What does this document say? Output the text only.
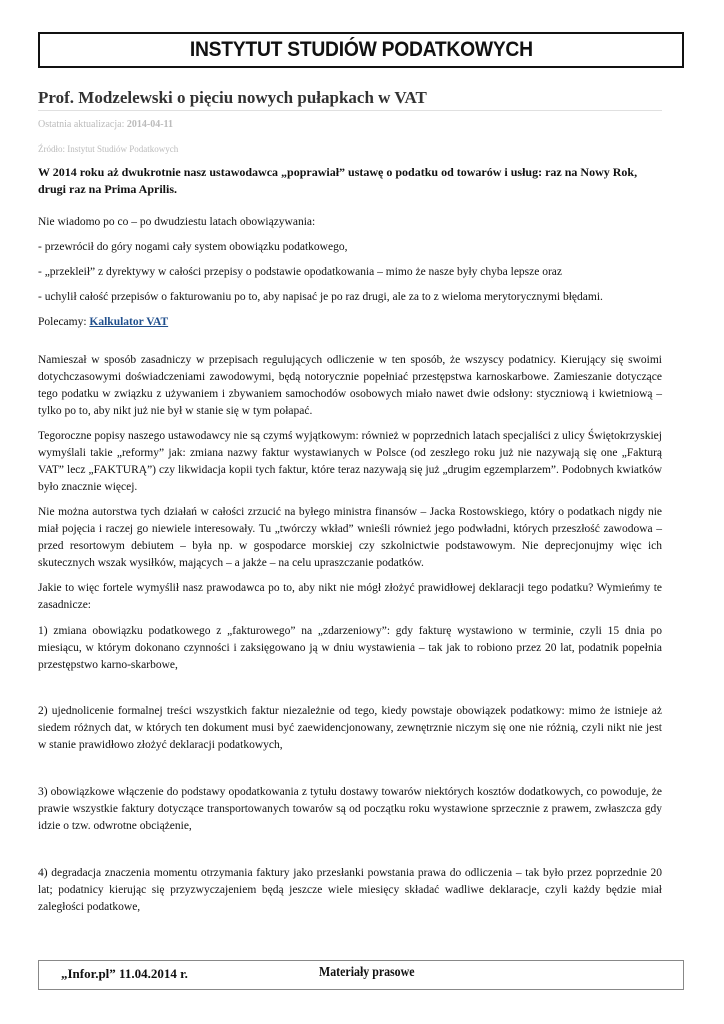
INSTYTUT STUDIÓW PODATKOWYCH
Prof. Modzelewski o pięciu nowych pułapkach w VAT
Ostatnia aktualizacja: 2014-04-11
Źródło: Instytut Studiów Podatkowych
W 2014 roku aż dwukrotnie nasz ustawodawca „poprawiał” ustawę o podatku od towarów i usług: raz na Nowy Rok, drugi raz na Prima Aprilis.

Nie wiadomo po co – po dwudziestu latach obowiązywania:

- przewrócił do góry nogami cały system obowiązku podatkowego,

- „przekleił” z dyrektywy w całości przepisy o podstawie opodatkowania – mimo że nasze były chyba lepsze oraz

- uchylił całość przepisów o fakturowaniu po to, aby napisać je po raz drugi, ale za to z wieloma merytorycznymi błędami.

Polecamy: Kalkulator VAT

Namieszał w sposób zasadniczy w przepisach regulujących odliczenie w ten sposób, że wszyscy podatnicy. Kierujący się swoimi dotychczasowymi doświadczeniami zawodowymi, będą notorycznie popełniać przestępstwa karnoskarbowe. Zamieszanie dotyczące tego podatku w związku z używaniem i zbywaniem samochodów osobowych miało nawet dwie odsłony: styczniową i kwietniową – tylko po to, aby nikt już nie był w stanie się w tym połapać.

Tegoroczne popisy naszego ustawodawcy nie są czymś wyjątkowym: również w poprzednich latach specjaliści z ulicy Świętokrzyskiej wymyślali takie „reformy” jak: zmiana nazwy faktur wystawianych w Polsce (od zeszłego roku już nie nazywają się one „Fakturą VAT” lecz „FAKTURĄ”) czy likwidacja kopii tych faktur, które teraz nazywają się już „drugim egzemplarzem”. Podobnych kwiatków było znacznie więcej.

Nie można autorstwa tych działań w całości zrzucić na byłego ministra finansów – Jacka Rostowskiego, który o podatkach nigdy nie miał pojęcia i raczej go niewiele interesowały. Tu „twórczy wkład” wnieśli również jego podwładni, których przeszłość zawodowa – przed resortowym debiutem – była np. w gospodarce morskiej czy szkolnictwie podstawowym. Nie deprecjonujmy więc ich skutecznych wszak wysiłków, mających – a jakże – na celu upraszczanie podatków.

Jakie to więc fortele wymyślił nasz prawodawca po to, aby nikt nie mógł złożyć prawidłowej deklaracji tego podatku? Wymieńmy te zasadnicze:

1) zmiana obowiązku podatkowego z „fakturowego” na „zdarzeniowy”: gdy fakturę wystawiono w terminie, czyli 15 dnia po miesiącu, w którym dokonano czynności i zaksięgowano ją w dniu wystawienia – tak jak to robiono przez 20 lat, podatnik popełnia przestępstwo karno-skarbowe,

2) ujednolicenie formalnej treści wszystkich faktur niezależnie od tego, kiedy powstaje obowiązek podatkowy: mimo że istnieje aż siedem różnych dat, w których ten dokument musi być zaewidencjonowany, zewnętrznie niczym się one nie różnią, czyli nikt nie jest w stanie prawidłowo złożyć deklaracji podatkowych,

3) obowiązkowe włączenie do podstawy opodatkowania z tytułu dostawy towarów niektórych kosztów dodatkowych, co powoduje, że prawie wszystkie faktury dotyczące transportowanych towarów są od początku roku wystawione sprzecznie z prawem, zwłaszcza gdy idzie o tzw. odwrotne obciążenie,

4) degradacja znaczenia momentu otrzymania faktury jako przesłanki powstania prawa do odliczenia – tak było przez poprzednie 20 lat; podatnicy kierując się przyzwyczajeniem będą jeszcze wiele miesięcy składać wadliwe deklaracje, czyli każdy będzie miał zaległości podatkowe,

„Infor.pl” 11.04.2014 r.	Materiały prasowe
